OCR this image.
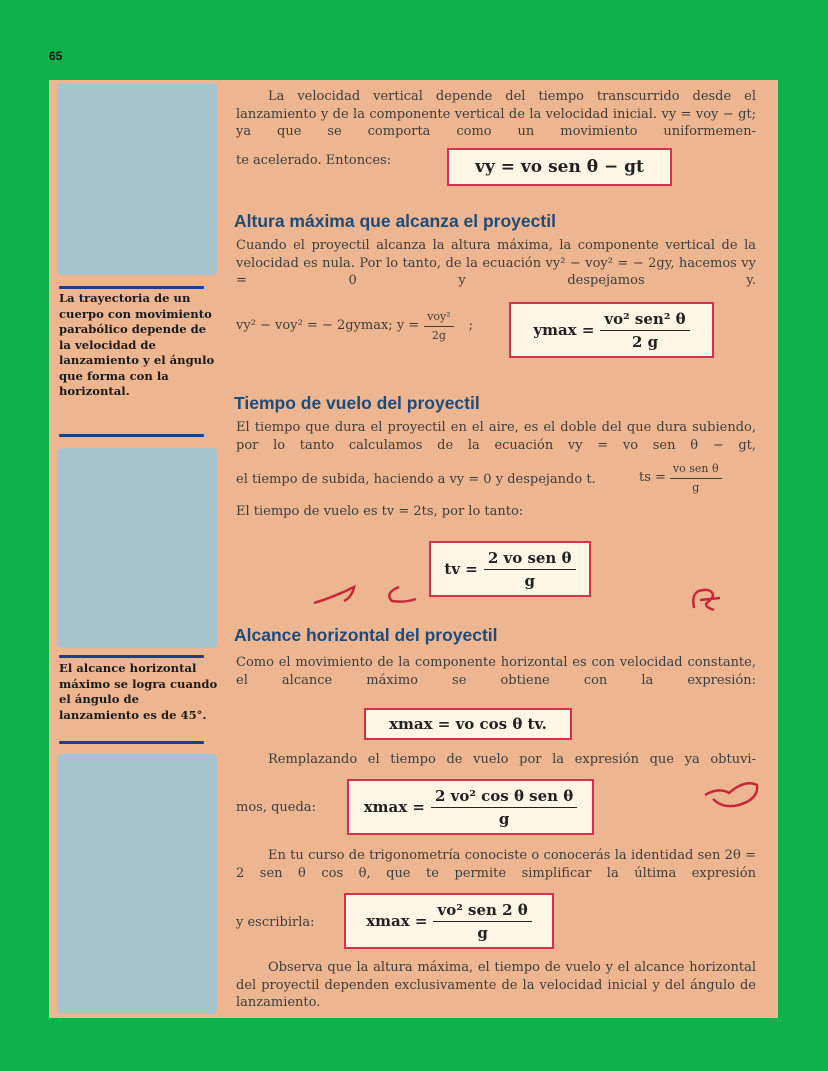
65

La trayectoria de un cuerpo con movimiento parabólico depende de la velocidad de lanzamiento y el ángulo que forma con la horizontal.

El alcance horizontal máximo se logra cuando el ángulo de lanzamiento es de 45°.

La velocidad vertical depende del tiempo transcurrido desde el lanzamiento y de la componente vertical de la velocidad inicial. vy = voy − gt; ya que se comporta como un movimiento uniformemen-

te acelerado. Entonces:	vy = vo sen θ − gt
Altura máxima que alcanza el proyectil

Cuando el proyectil alcanza la altura máxima, la componente vertical de la velocidad es nula. Por lo tanto, de la ecuación vy² − voy² = − 2gy, hacemos vy = 0 y despejamos y.

vy² − voy² = − 2gymax; y =
voy²
2g
;	$ymax = \frac{\text{vo² sen² θ}}{2 g}$
Tiempo de vuelo del proyectil

El tiempo que dura el proyectil en el aire, es el doble del que dura subiendo, por lo tanto calculamos de la ecuación vy = vo sen θ − gt,

el tiempo de subida, haciendo a vy = 0 y despejando t.	ts =
vo sen θ
g

El tiempo de vuelo es tv = 2ts, por lo tanto:

tv = $\frac{\text{2 vo sen θ}}{g}$
Alcance horizontal del proyectil

Como el movimiento de la componente horizontal es con velocidad constante, el alcance máximo se obtiene con la expresión:

xmax = vo cos θ tv.

Remplazando el tiempo de vuelo por la expresión que ya obtuvi-

mos, queda:	$xmax = \frac{\text{2 vo² cos θ sen θ}}{g}$

En tu curso de trigonometría conociste o conocerás la identidad sen 2θ = 2 sen θ cos θ, que te permite simplificar la última expresión

y escribirla:	$xmax = \frac{\text{vo² sen 2 θ}}{g}$

Observa que la altura máxima, el tiempo de vuelo y el alcance horizontal del proyectil dependen exclusivamente de la velocidad inicial y del ángulo de lanzamiento.
